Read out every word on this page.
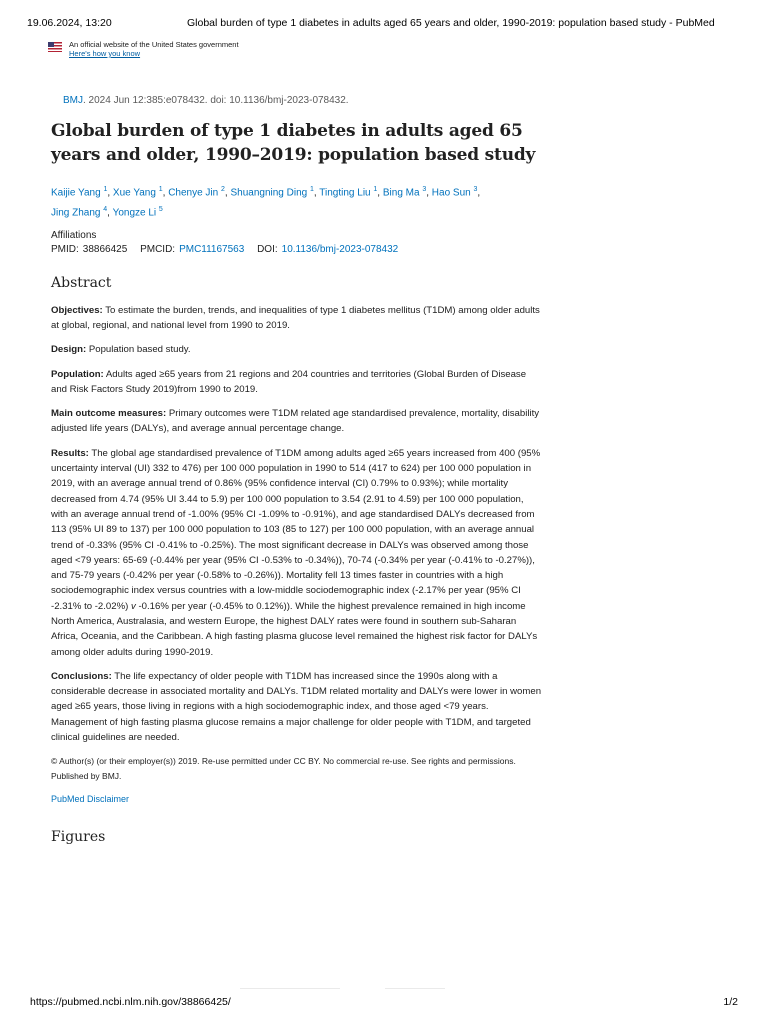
19.06.2024, 13:20	Global burden of type 1 diabetes in adults aged 65 years and older, 1990-2019: population based study - PubMed
An official website of the United States government
Here's how you know
BMJ. 2024 Jun 12:385:e078432. doi: 10.1136/bmj-2023-078432.
Global burden of type 1 diabetes in adults aged 65
years and older, 1990–2019: population based study
Kaijie Yang $^1$, Xue Yang $^1$, Chenye Jin $^2$, Shuangning Ding $^1$, Tingting Liu $^1$, Bing Ma $^3$, Hao Sun $^3$,
Jing Zhang $^4$, Yongze Li $^5$
Affiliations
PMID: 38866425 PMCID: PMC11167563 DOI: 10.1136/bmj-2023-078432
Abstract

Objectives: To estimate the burden, trends, and inequalities of type 1 diabetes mellitus (T1DM) among older adults at global, regional, and national level from 1990 to 2019.

Design: Population based study.

Population: Adults aged ≥65 years from 21 regions and 204 countries and territories (Global Burden of Disease and Risk Factors Study 2019)from 1990 to 2019.

Main outcome measures: Primary outcomes were T1DM related age standardised prevalence, mortality, disability adjusted life years (DALYs), and average annual percentage change.

Results: The global age standardised prevalence of T1DM among adults aged ≥65 years increased from 400 (95% uncertainty interval (UI) 332 to 476) per 100 000 population in 1990 to 514 (417 to 624) per 100 000 population in 2019, with an average annual trend of 0.86% (95% confidence interval (CI) 0.79% to 0.93%); while mortality decreased from 4.74 (95% UI 3.44 to 5.9) per 100 000 population to 3.54 (2.91 to 4.59) per 100 000 population, with an average annual trend of -1.00% (95% CI -1.09% to -0.91%), and age standardised DALYs decreased from 113 (95% UI 89 to 137) per 100 000 population to 103 (85 to 127) per 100 000 population, with an average annual trend of -0.33% (95% CI -0.41% to -0.25%). The most significant decrease in DALYs was observed among those aged <79 years: 65-69 (-0.44% per year (95% CI -0.53% to -0.34%)), 70-74 (-0.34% per year (-0.41% to -0.27%)), and 75-79 years (-0.42% per year (-0.58% to -0.26%)). Mortality fell 13 times faster in countries with a high sociodemographic index versus countries with a low-middle sociodemographic index (-2.17% per year (95% CI -2.31% to -2.02%) v -0.16% per year (-0.45% to 0.12%)). While the highest prevalence remained in high income North America, Australasia, and western Europe, the highest DALY rates were found in southern sub-Saharan Africa, Oceania, and the Caribbean. A high fasting plasma glucose level remained the highest risk factor for DALYs among older adults during 1990-2019.

Conclusions: The life expectancy of older people with T1DM has increased since the 1990s along with a considerable decrease in associated mortality and DALYs. T1DM related mortality and DALYs were lower in women aged ≥65 years, those living in regions with a high sociodemographic index, and those aged <79 years. Management of high fasting plasma glucose remains a major challenge for older people with T1DM, and targeted clinical guidelines are needed.

© Author(s) (or their employer(s)) 2019. Re-use permitted under CC BY. No commercial re-use. See rights and permissions. Published by BMJ.
PubMed Disclaimer
Figures
https://pubmed.ncbi.nlm.nih.gov/38866425/	1/2
